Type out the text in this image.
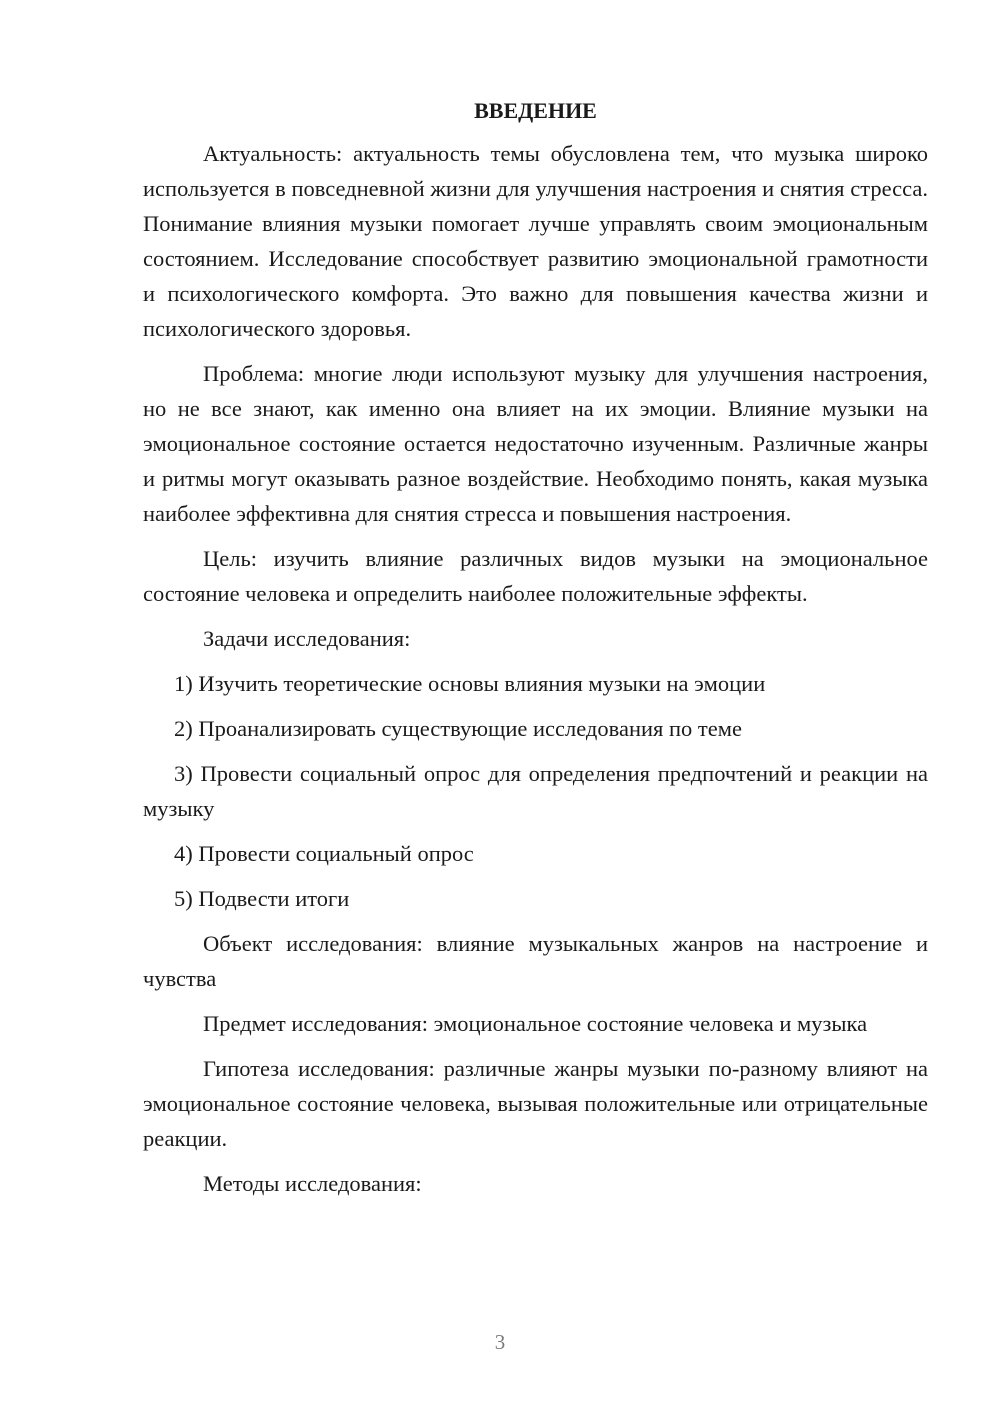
ВВЕДЕНИЕ
Актуальность: актуальность темы обусловлена тем, что музыка широко используется в повседневной жизни для улучшения настроения и снятия стресса. Понимание влияния музыки помогает лучше управлять своим эмоциональным состоянием. Исследование способствует развитию эмоциональной грамотности и психологического комфорта. Это важно для повышения качества жизни и психологического здоровья.
Проблема: многие люди используют музыку для улучшения настроения, но не все знают, как именно она влияет на их эмоции. Влияние музыки на эмоциональное состояние остается недостаточно изученным. Различные жанры и ритмы могут оказывать разное воздействие. Необходимо понять, какая музыка наиболее эффективна для снятия стресса и повышения настроения.
Цель: изучить влияние различных видов музыки на эмоциональное состояние человека и определить наиболее положительные эффекты.
Задачи исследования:
1) Изучить теоретические основы влияния музыки на эмоции
2) Проанализировать существующие исследования по теме
3) Провести социальный опрос для определения предпочтений и реакции на музыку
4) Провести социальный опрос
5) Подвести итоги
Объект исследования: влияние музыкальных жанров на настроение и чувства
Предмет исследования: эмоциональное состояние человека и музыка
Гипотеза исследования: различные жанры музыки по-разному влияют на эмоциональное состояние человека, вызывая положительные или отрицательные реакции.
Методы исследования:
3
